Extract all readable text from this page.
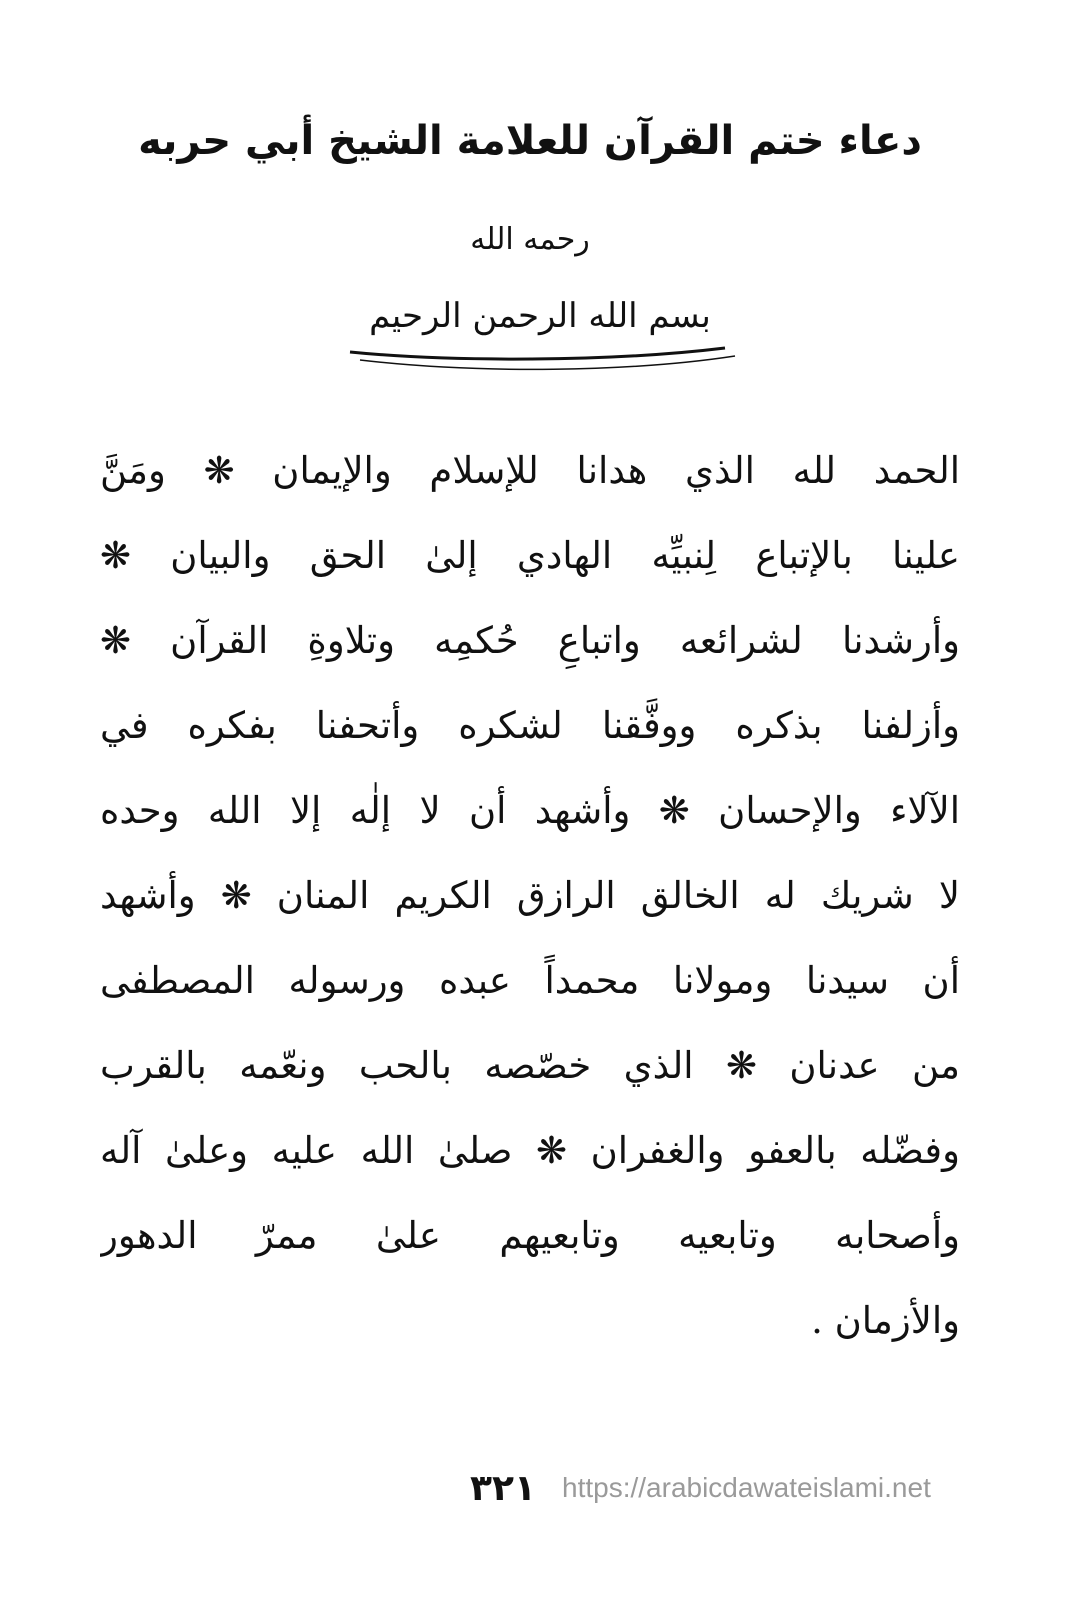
دعاء ختم القرآن للعلامة الشيخ أبي حربه
رحمه الله
بسم الله الرحمن الرحيم
الحمد لله الذي هدانا للإسلام والإيمان ❋ ومَنَّ
علينا بالإتباع لِنبيِّه الهادي إلىٰ الحق والبيان ❋
وأرشدنا لشرائعه واتباعِ حُكمِه وتلاوةِ القرآن ❋
وأزلفنا بذكره ووفَّقنا لشكره وأتحفنا بفكره في
الآلاء والإحسان ❋ وأشهد أن لا إلٰه إلا الله وحده
لا شريك له الخالق الرازق الكريم المنان ❋ وأشهد
أن سيدنا ومولانا محمداً عبده ورسوله المصطفى
من عدنان ❋ الذي خصّصه بالحب ونعّمه بالقرب
وفضّله بالعفو والغفران ❋ صلىٰ الله عليه وعلىٰ آله
وأصحابه وتابعيه وتابعيهم علىٰ ممرّ الدهور
والأزمان .
٣٢١ https://arabicdawateislami.net
